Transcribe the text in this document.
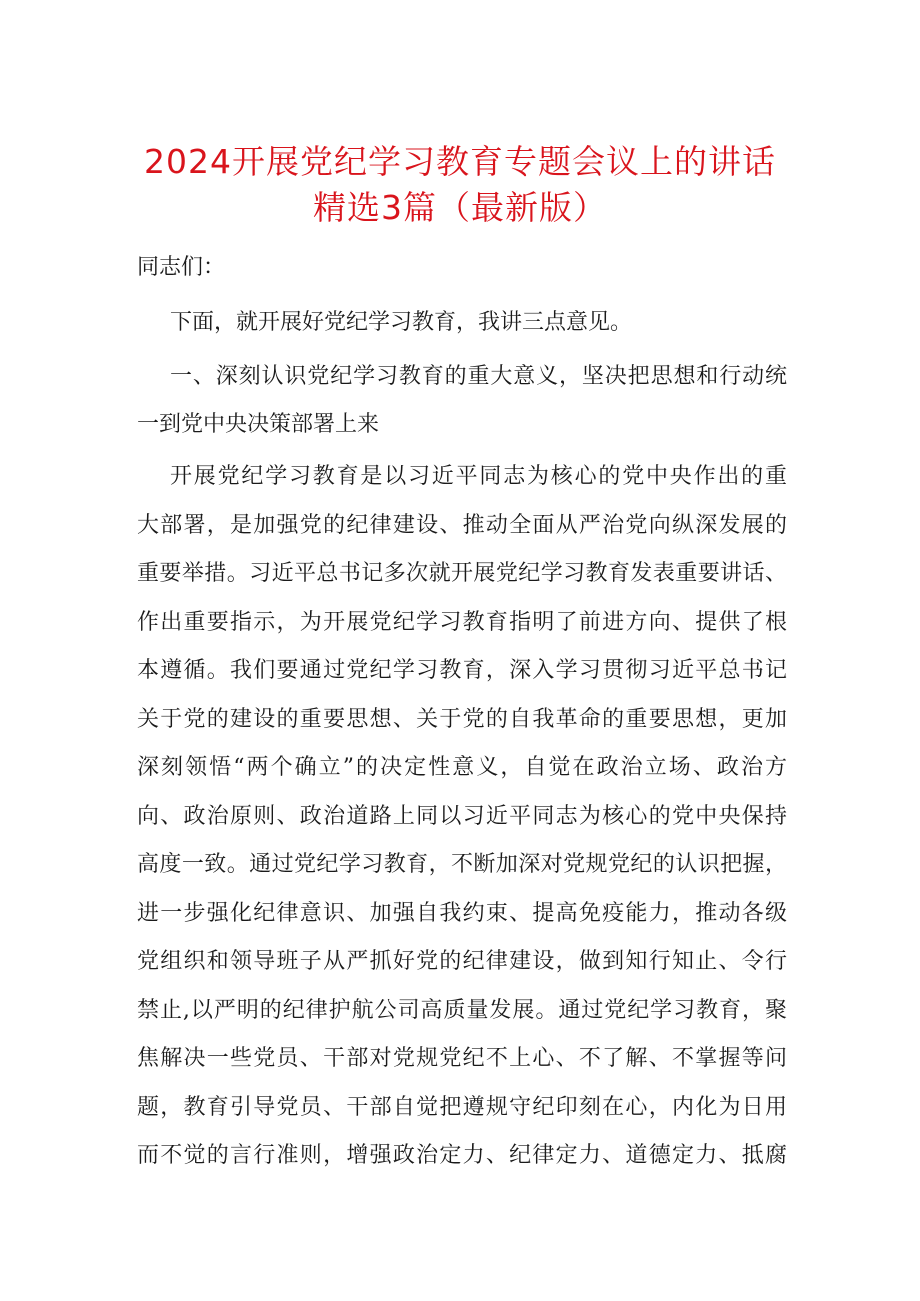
2024开展党纪学习教育专题会议上的讲话
精选3篇（最新版）
同志们：
下面，就开展好党纪学习教育，我讲三点意见。
一、深刻认识党纪学习教育的重大意义，坚决把思想和行动统
一到党中央决策部署上来
开展党纪学习教育是以习近平同志为核心的党中央作出的重
大部署，是加强党的纪律建设、推动全面从严治党向纵深发展的
重要举措。习近平总书记多次就开展党纪学习教育发表重要讲话、
作出重要指示，为开展党纪学习教育指明了前进方向、提供了根
本遵循。我们要通过党纪学习教育，深入学习贯彻习近平总书记
关于党的建设的重要思想、关于党的自我革命的重要思想，更加
深刻领悟“两个确立”的决定性意义，自觉在政治立场、政治方
向、政治原则、政治道路上同以习近平同志为核心的党中央保持
高度一致。通过党纪学习教育，不断加深对党规党纪的认识把握，
进一步强化纪律意识、加强自我约束、提高免疫能力，推动各级
党组织和领导班子从严抓好党的纪律建设，做到知行知止、令行
禁止,以严明的纪律护航公司高质量发展。通过党纪学习教育，聚
焦解决一些党员、干部对党规党纪不上心、不了解、不掌握等问
题，教育引导党员、干部自觉把遵规守纪印刻在心，内化为日用
而不觉的言行准则，增强政治定力、纪律定力、道德定力、抵腐
